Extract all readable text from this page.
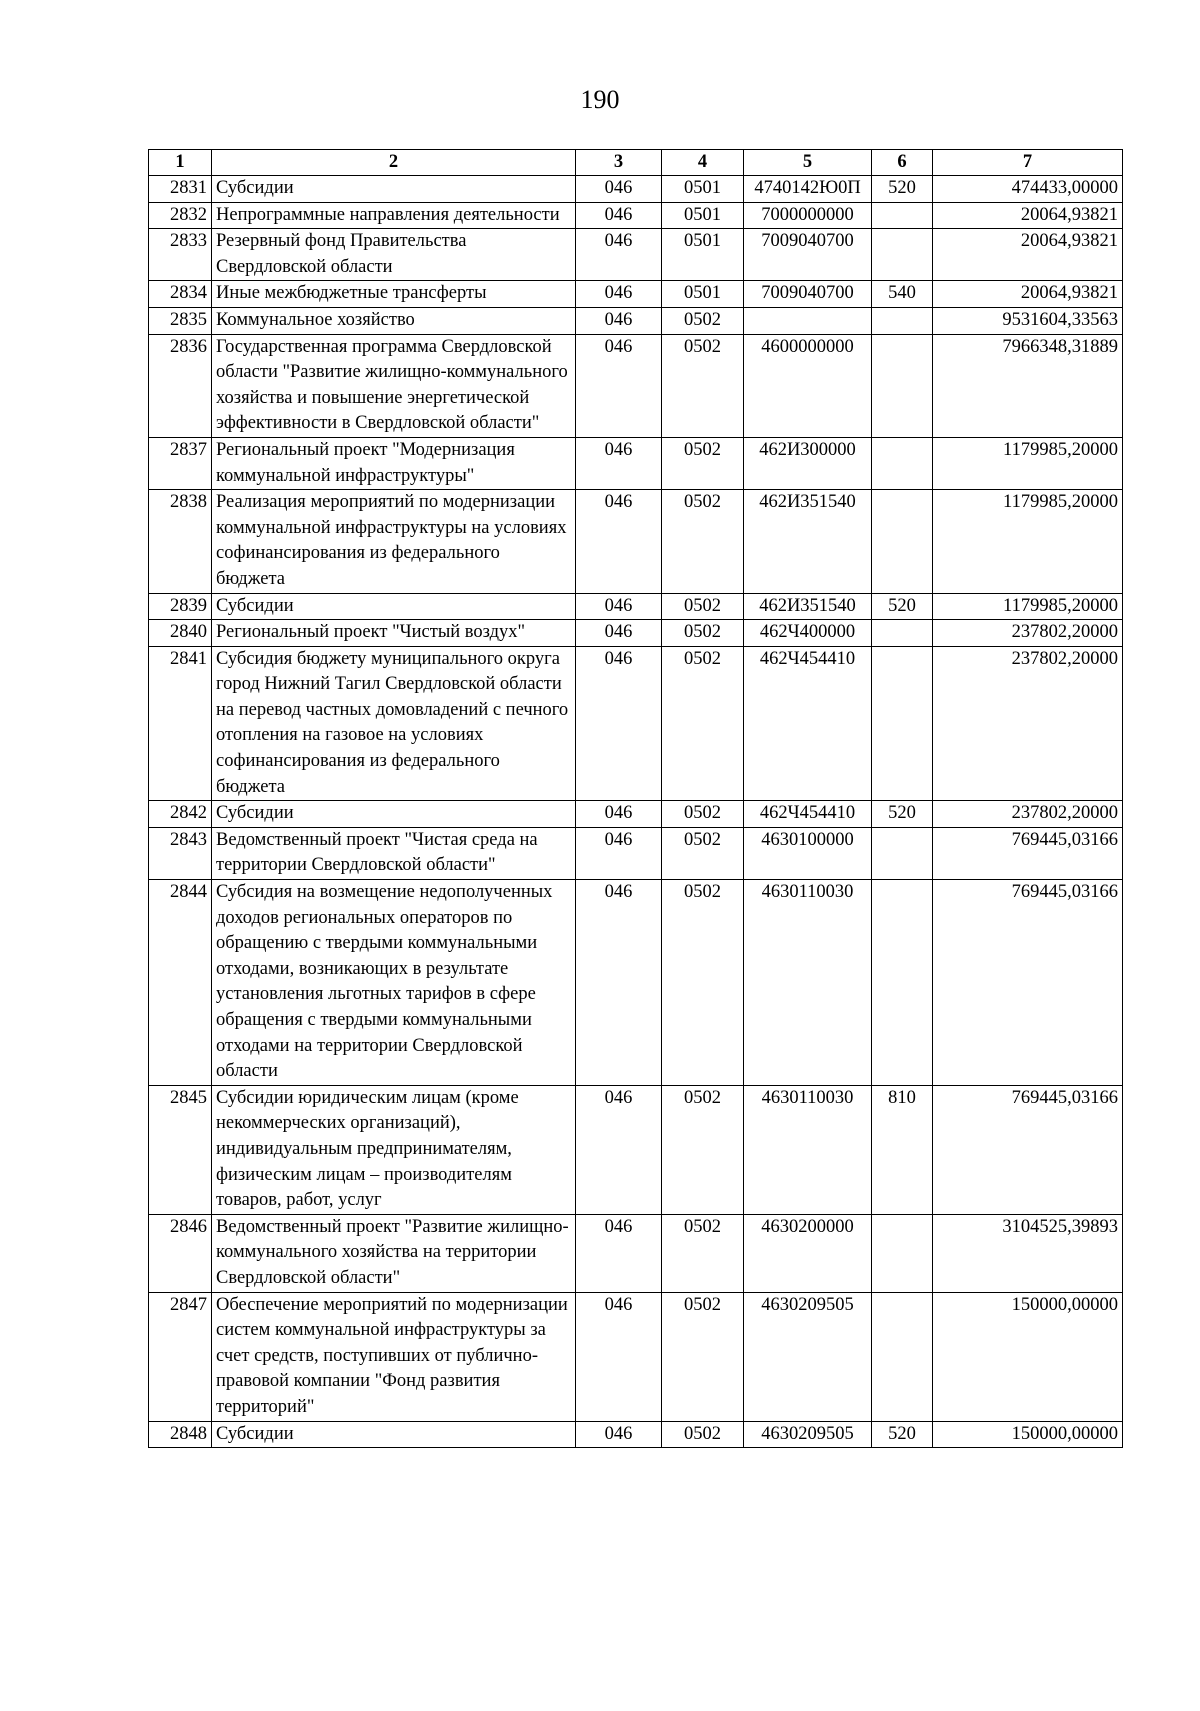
190
1	2	3	4	5	6	7
2831	Субсидии	046	0501	4740142Ю0П	520	474433,00000
2832	Непрограммные направления деятельности	046	0501	7000000000		20064,93821
2833	Резервный фонд Правительства Свердловской области	046	0501	7009040700		20064,93821
2834	Иные межбюджетные трансферты	046	0501	7009040700	540	20064,93821
2835	Коммунальное хозяйство	046	0502			9531604,33563
2836	Государственная программа Свердловской области "Развитие жилищно-коммунального хозяйства и повышение энергетической эффективности в Свердловской области"	046	0502	4600000000		7966348,31889
2837	Региональный проект "Модернизация коммунальной инфраструктуры"	046	0502	462И300000		1179985,20000
2838	Реализация мероприятий по модернизации коммунальной инфраструктуры на условиях софинансирования из федерального бюджета	046	0502	462И351540		1179985,20000
2839	Субсидии	046	0502	462И351540	520	1179985,20000
2840	Региональный проект "Чистый воздух"	046	0502	462Ч400000		237802,20000
2841	Субсидия бюджету муниципального округа город Нижний Тагил Свердловской области на перевод частных домовладений с печного отопления на газовое на условиях софинансирования из федерального бюджета	046	0502	462Ч454410		237802,20000
2842	Субсидии	046	0502	462Ч454410	520	237802,20000
2843	Ведомственный проект "Чистая среда на территории Свердловской области"	046	0502	4630100000		769445,03166
2844	Субсидия на возмещение недополученных доходов региональных операторов по обращению с твердыми коммунальными отходами, возникающих в результате установления льготных тарифов в сфере обращения с твердыми коммунальными отходами на территории Свердловской области	046	0502	4630110030		769445,03166
2845	Субсидии юридическим лицам (кроме некоммерческих организаций), индивидуальным предпринимателям, физическим лицам – производителям товаров, работ, услуг	046	0502	4630110030	810	769445,03166
2846	Ведомственный проект "Развитие жилищно-коммунального хозяйства на территории Свердловской области"	046	0502	4630200000		3104525,39893
2847	Обеспечение мероприятий по модернизации систем коммунальной инфраструктуры за счет средств, поступивших от публично-правовой компании "Фонд развития территорий"	046	0502	4630209505		150000,00000
2848	Субсидии	046	0502	4630209505	520	150000,00000
